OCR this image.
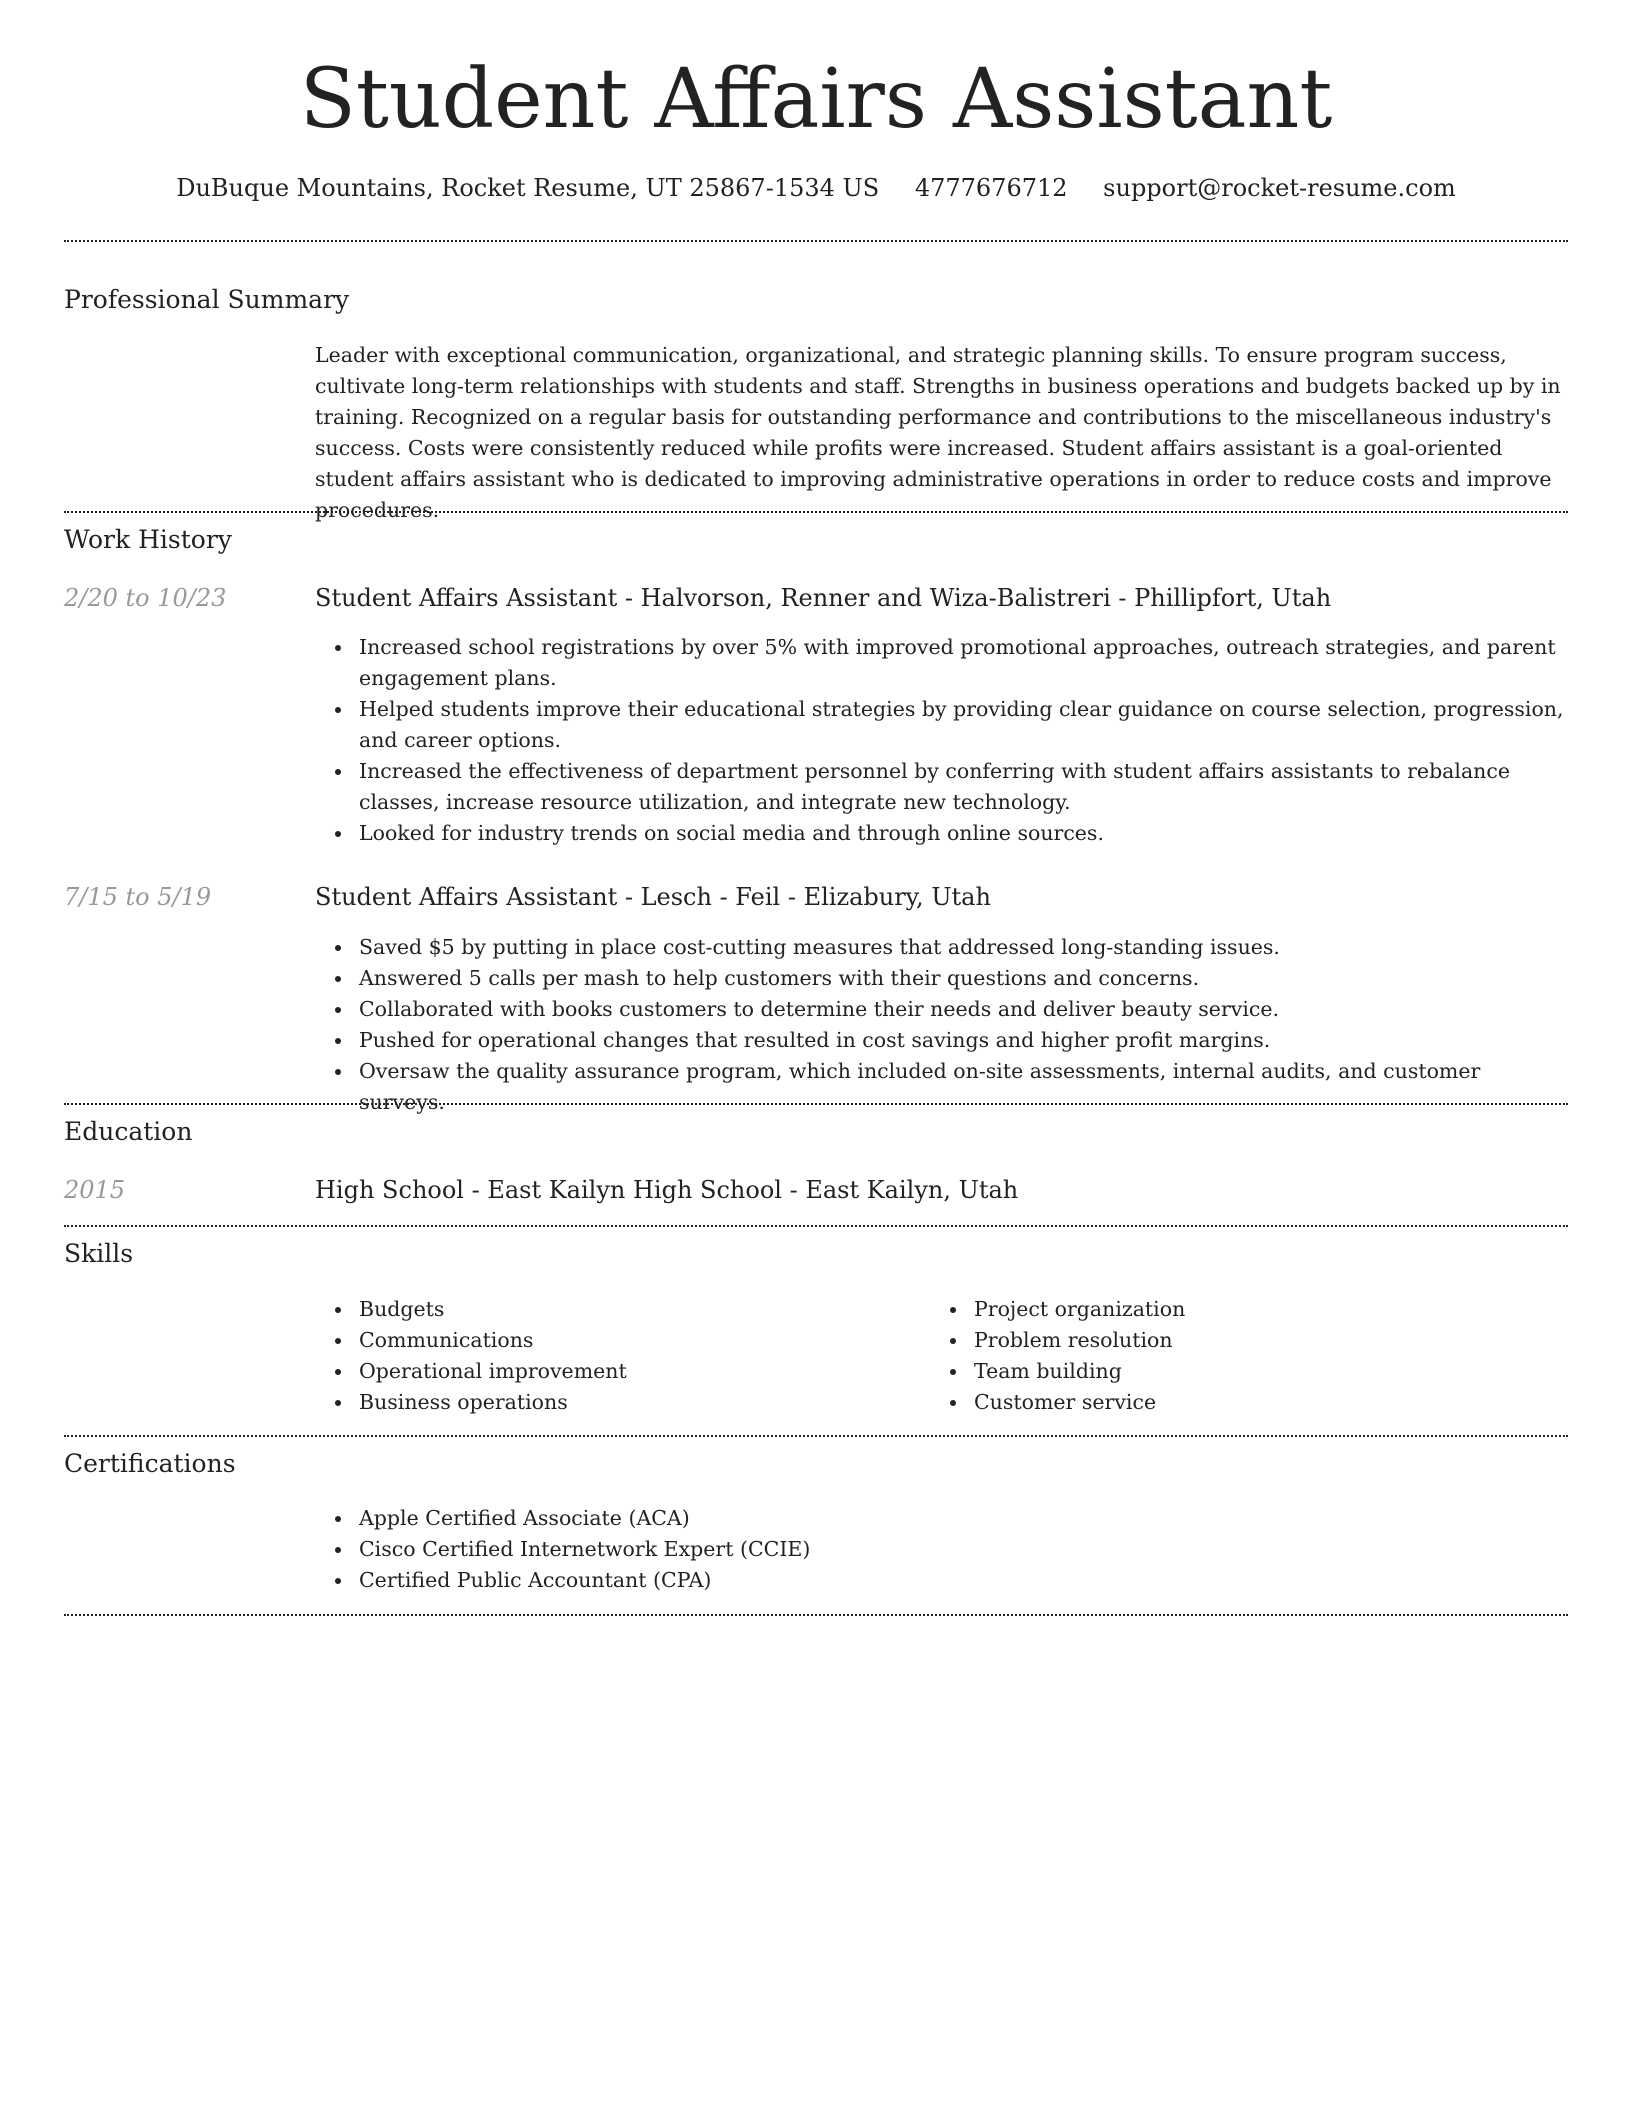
Student Affairs Assistant
DuBuque Mountains, Rocket Resume, UT 25867-1534 US 4777676712 support@rocket-resume.com
Professional Summary

Leader with exceptional communication, organizational, and strategic planning skills. To ensure program success, cultivate long-term relationships with students and staff. Strengths in business operations and budgets backed up by in training. Recognized on a regular basis for outstanding performance and contributions to the miscellaneous industry's success. Costs were consistently reduced while profits were increased. Student affairs assistant is a goal-oriented student affairs assistant who is dedicated to improving administrative operations in order to reduce costs and improve procedures.

Work History
2/20 to 10/23	Student Affairs Assistant - Halvorson, Renner and Wiza-Balistreri - Phillipfort, Utah
Increased school registrations by over 5% with improved promotional approaches, outreach strategies, and parent engagement plans.
Helped students improve their educational strategies by providing clear guidance on course selection, progression, and career options.
Increased the effectiveness of department personnel by conferring with student affairs assistants to rebalance classes, increase resource utilization, and integrate new technology.
Looked for industry trends on social media and through online sources.
7/15 to 5/19	Student Affairs Assistant - Lesch - Feil - Elizabury, Utah
Saved $5 by putting in place cost-cutting measures that addressed long-standing issues.
Answered 5 calls per mash to help customers with their questions and concerns.
Collaborated with books customers to determine their needs and deliver beauty service.
Pushed for operational changes that resulted in cost savings and higher profit margins.
Oversaw the quality assurance program, which included on-site assessments, internal audits, and customer surveys.
Education
2015	High School - East Kailyn High School - East Kailyn, Utah
Skills
Budgets
Communications
Operational improvement
Business operations
Project organization
Problem resolution
Team building
Customer service
Certifications
Apple Certified Associate (ACA)
Cisco Certified Internetwork Expert (CCIE)
Certified Public Accountant (CPA)
